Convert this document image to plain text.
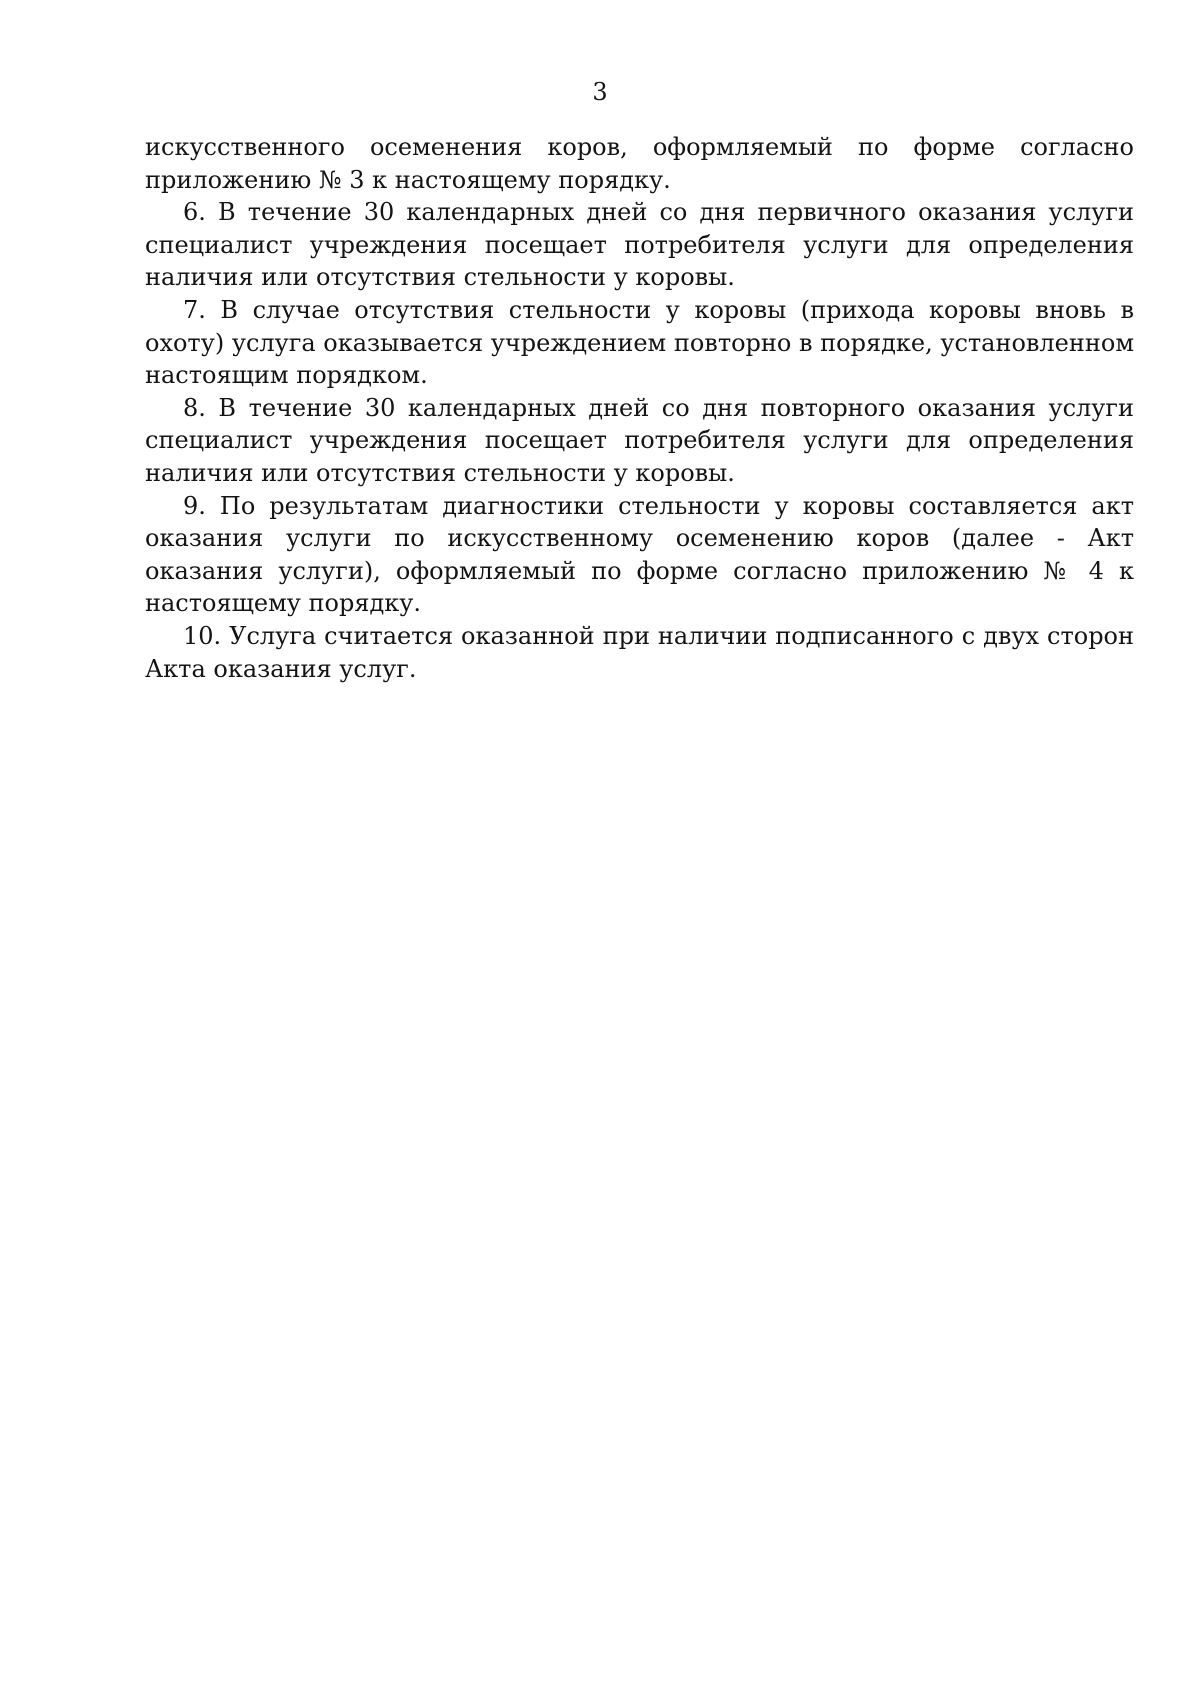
3

искусственного осеменения коров, оформляемый по форме согласно приложению № 3 к настоящему порядку.

6. В течение 30 календарных дней со дня первичного оказания услуги специалист учреждения посещает потребителя услуги для определения наличия или отсутствия стельности у коровы.

7. В случае отсутствия стельности у коровы (прихода коровы вновь в охоту) услуга оказывается учреждением повторно в порядке, установленном настоящим порядком.

8. В течение 30 календарных дней со дня повторного оказания услуги специалист учреждения посещает потребителя услуги для определения наличия или отсутствия стельности у коровы.

9. По результатам диагностики стельности у коровы составляется акт оказания услуги по искусственному осеменению коров (далее - Акт оказания услуги), оформляемый по форме согласно приложению № 4 к настоящему порядку.

10. Услуга считается оказанной при наличии подписанного с двух сторон Акта оказания услуг.
